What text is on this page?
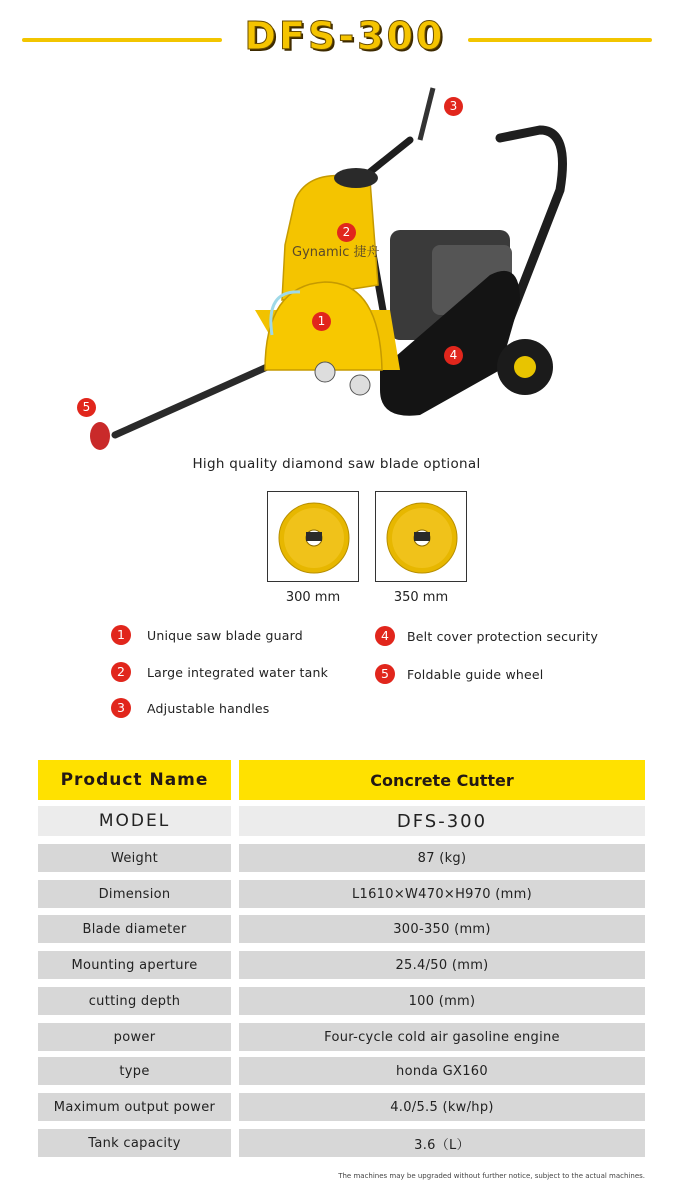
DFS-300
Gynamic 捷舟
3
2
1
4
5
High quality diamond saw blade optional
300 mm	350 mm
1	Unique saw blade guard
2	Large integrated water tank
3	Adjustable handles
4	Belt cover protection security
5	Foldable guide wheel
Product Name	Concrete Cutter
MODEL	DFS-300
Weight	87 (kg)
Dimension	L1610×W470×H970 (mm)
Blade diameter	300-350 (mm)
Mounting aperture	25.4/50 (mm)
cutting depth	100 (mm)
power	Four-cycle cold air gasoline engine
type	honda GX160
Maximum output power	4.0/5.5 (kw/hp)
Tank capacity	3.6（L）
The machines may be upgraded without further notice, subject to the actual machines.
